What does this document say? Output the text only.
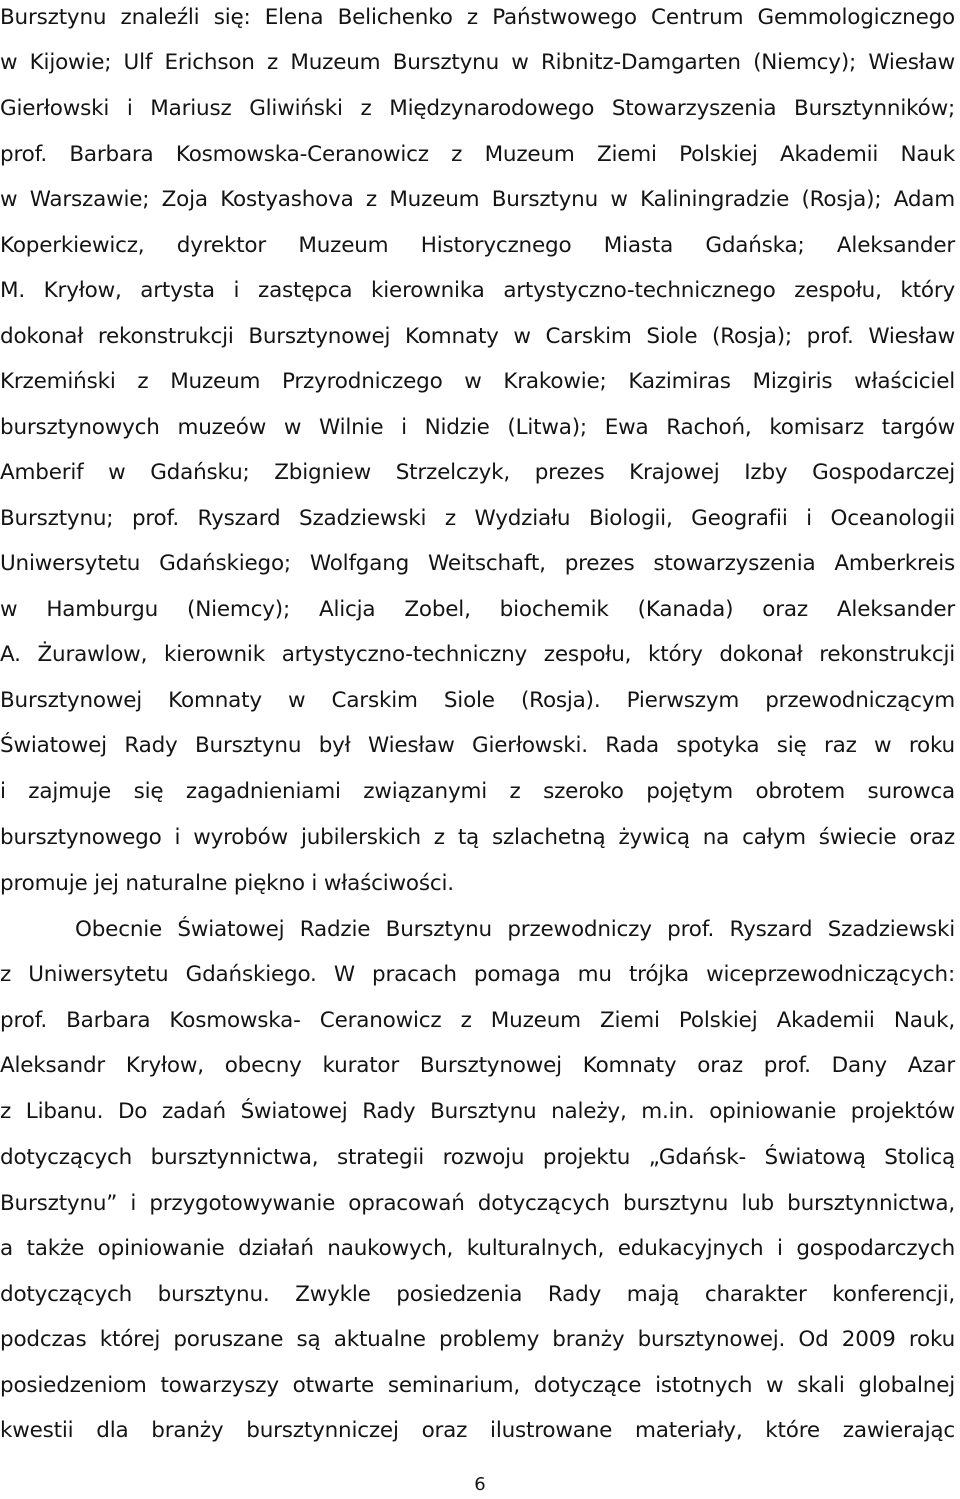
Bursztynu znaleźli się: Elena Belichenko z Państwowego Centrum Gemmologicznego
w Kijowie; Ulf Erichson z Muzeum Bursztynu w Ribnitz-Damgarten (Niemcy); Wiesław
Gierłowski i Mariusz Gliwiński z Międzynarodowego Stowarzyszenia Bursztynników;
prof. Barbara Kosmowska-Ceranowicz z Muzeum Ziemi Polskiej Akademii Nauk
w Warszawie; Zoja Kostyashova z Muzeum Bursztynu w Kaliningradzie (Rosja); Adam
Koperkiewicz, dyrektor Muzeum Historycznego Miasta Gdańska; Aleksander
M. Kryłow, artysta i zastępca kierownika artystyczno-technicznego zespołu, który
dokonał rekonstrukcji Bursztynowej Komnaty w Carskim Siole (Rosja); prof. Wiesław
Krzemiński z Muzeum Przyrodniczego w Krakowie; Kazimiras Mizgiris właściciel
bursztynowych muzeów w Wilnie i Nidzie (Litwa); Ewa Rachoń, komisarz targów
Amberif w Gdańsku; Zbigniew Strzelczyk, prezes Krajowej Izby Gospodarczej
Bursztynu; prof. Ryszard Szadziewski z Wydziału Biologii, Geografii i Oceanologii
Uniwersytetu Gdańskiego; Wolfgang Weitschaft, prezes stowarzyszenia Amberkreis
w Hamburgu (Niemcy); Alicja Zobel, biochemik (Kanada) oraz Aleksander
A. Żurawlow, kierownik artystyczno-techniczny zespołu, który dokonał rekonstrukcji
Bursztynowej Komnaty w Carskim Siole (Rosja). Pierwszym przewodniczącym
Światowej Rady Bursztynu był Wiesław Gierłowski. Rada spotyka się raz w roku
i zajmuje się zagadnieniami związanymi z szeroko pojętym obrotem surowca
bursztynowego i wyrobów jubilerskich z tą szlachetną żywicą na całym świecie oraz
promuje jej naturalne piękno i właściwości.
Obecnie Światowej Radzie Bursztynu przewodniczy prof. Ryszard Szadziewski
z Uniwersytetu Gdańskiego. W pracach pomaga mu trójka wiceprzewodniczących:
prof. Barbara Kosmowska- Ceranowicz z Muzeum Ziemi Polskiej Akademii Nauk,
Aleksandr Kryłow, obecny kurator Bursztynowej Komnaty oraz prof. Dany Azar
z Libanu. Do zadań Światowej Rady Bursztynu należy, m.in. opiniowanie projektów
dotyczących bursztynnictwa, strategii rozwoju projektu „Gdańsk- Światową Stolicą
Bursztynu” i przygotowywanie opracowań dotyczących bursztynu lub bursztynnictwa,
a także opiniowanie działań naukowych, kulturalnych, edukacyjnych i gospodarczych
dotyczących bursztynu. Zwykle posiedzenia Rady mają charakter konferencji,
podczas której poruszane są aktualne problemy branży bursztynowej. Od 2009 roku
posiedzeniom towarzyszy otwarte seminarium, dotyczące istotnych w skali globalnej
kwestii dla branży bursztynniczej oraz ilustrowane materiały, które zawierając
6
